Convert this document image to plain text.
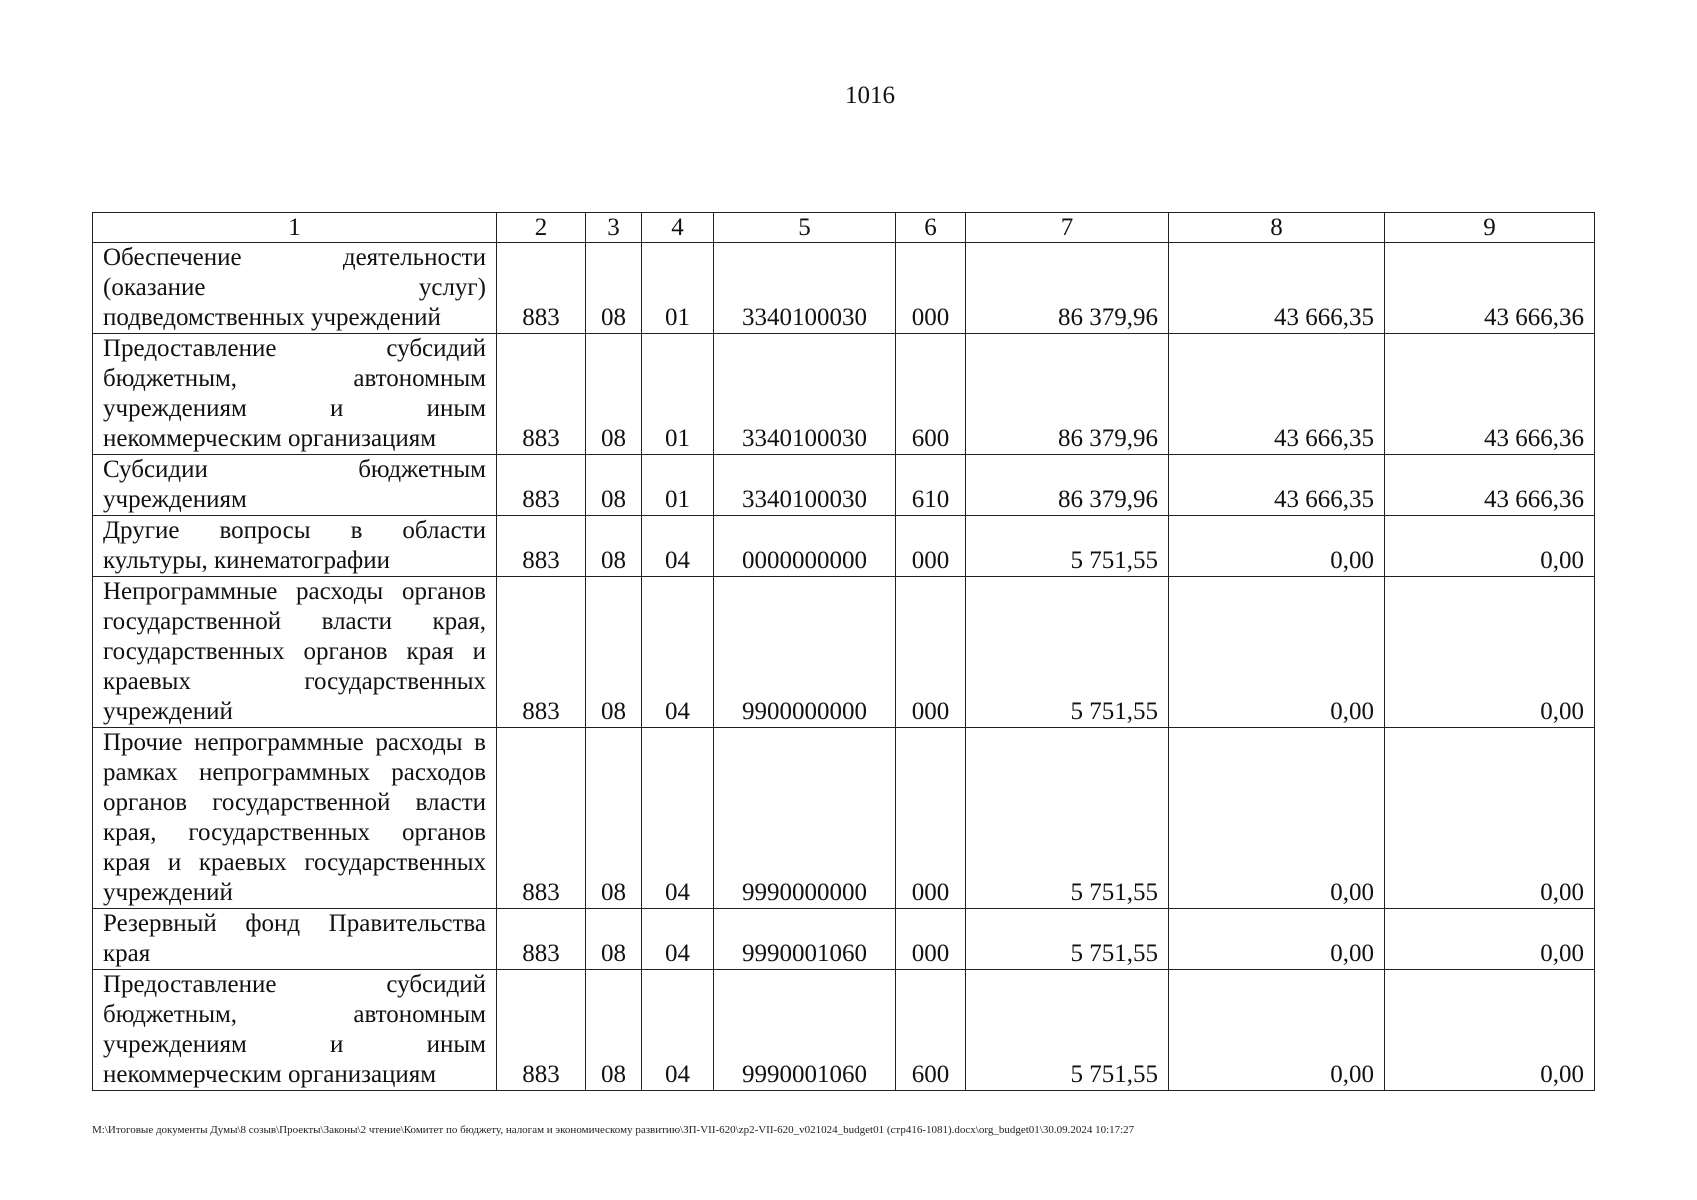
1016
1	2	3	4	5	6	7	8	9
Обеспечение деятельности (оказание услуг) подведомственных учреждений	883	08	01	3340100030	000	86 379,96	43 666,35	43 666,36
Предоставление субсидий бюджетным, автономным учреждениям и иным некоммерческим организациям	883	08	01	3340100030	600	86 379,96	43 666,35	43 666,36
Субсидии бюджетным учреждениям	883	08	01	3340100030	610	86 379,96	43 666,35	43 666,36
Другие вопросы в области культуры, кинематографии	883	08	04	0000000000	000	5 751,55	0,00	0,00
Непрограммные расходы органов государственной власти края, государственных органов края и краевых государственных учреждений	883	08	04	9900000000	000	5 751,55	0,00	0,00
Прочие непрограммные расходы в рамках непрограммных расходов органов государственной власти края, государственных органов края и краевых государственных учреждений	883	08	04	9990000000	000	5 751,55	0,00	0,00
Резервный фонд Правительства края	883	08	04	9990001060	000	5 751,55	0,00	0,00
Предоставление субсидий бюджетным, автономным учреждениям и иным некоммерческим организациям	883	08	04	9990001060	600	5 751,55	0,00	0,00
M:\Итоговые документы Думы\8 созыв\Проекты\Законы\2 чтение\Комитет по бюджету, налогам и экономическому развитию\ЗП-VII-620\zp2-VII-620_v021024_budget01 (стр416-1081).docx\org_budget01\30.09.2024 10:17:27
